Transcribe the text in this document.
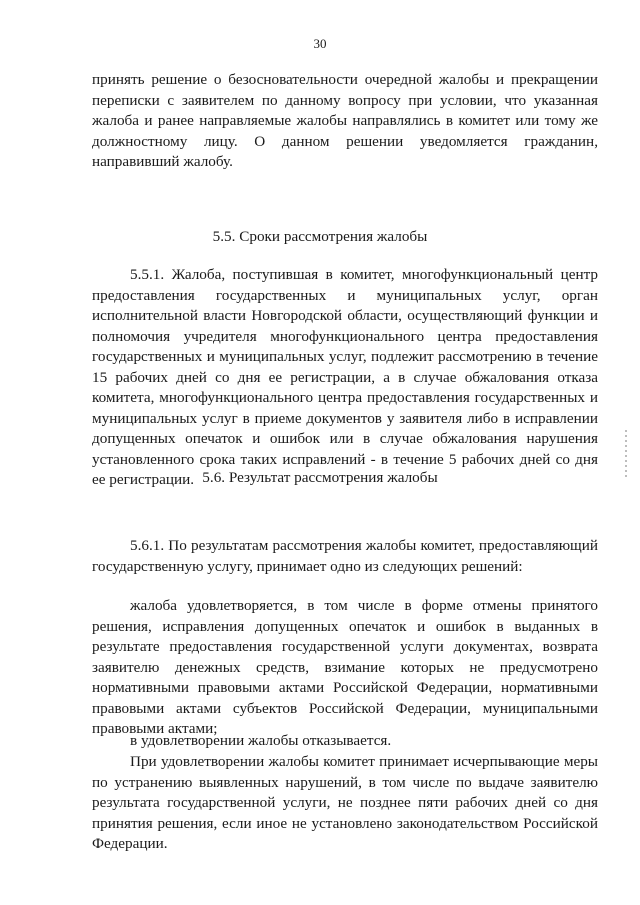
30

принять решение о безосновательности очередной жалобы и прекращении переписки с заявителем по данному вопросу при условии, что указанная жалоба и ранее направляемые жалобы направлялись в комитет или тому же должностному лицу. О данном решении уведомляется гражданин, направивший жалобу.

5.5. Сроки рассмотрения жалобы

5.5.1. Жалоба, поступившая в комитет, многофункциональный центр предоставления государственных и муниципальных услуг, орган исполнительной власти Новгородской области, осуществляющий функции и полномочия учредителя многофункционального центра предоставления государственных и муниципальных услуг, подлежит рассмотрению в течение 15 рабочих дней со дня ее регистрации, а в случае обжалования отказа комитета, многофункционального центра предоставления государственных и муниципальных услуг в приеме документов у заявителя либо в исправлении допущенных опечаток и ошибок или в случае обжалования нарушения установленного срока таких исправлений - в течение 5 рабочих дней со дня ее регистрации. 5.6. Результат рассмотрения жалобы

5.6.1. По результатам рассмотрения жалобы комитет, предоставляющий государственную услугу, принимает одно из следующих решений:

жалоба удовлетворяется, в том числе в форме отмены принятого решения, исправления допущенных опечаток и ошибок в выданных в результате предоставления государственной услуги документах, возврата заявителю денежных средств, взимание которых не предусмотрено нормативными правовыми актами Российской Федерации, нормативными правовыми актами субъектов Российской Федерации, муниципальными правовыми актами;

в удовлетворении жалобы отказывается.

При удовлетворении жалобы комитет принимает исчерпывающие меры по устранению выявленных нарушений, в том числе по выдаче заявителю результата государственной услуги, не позднее пяти рабочих дней со дня принятия решения, если иное не установлено законодательством Российской Федерации.
